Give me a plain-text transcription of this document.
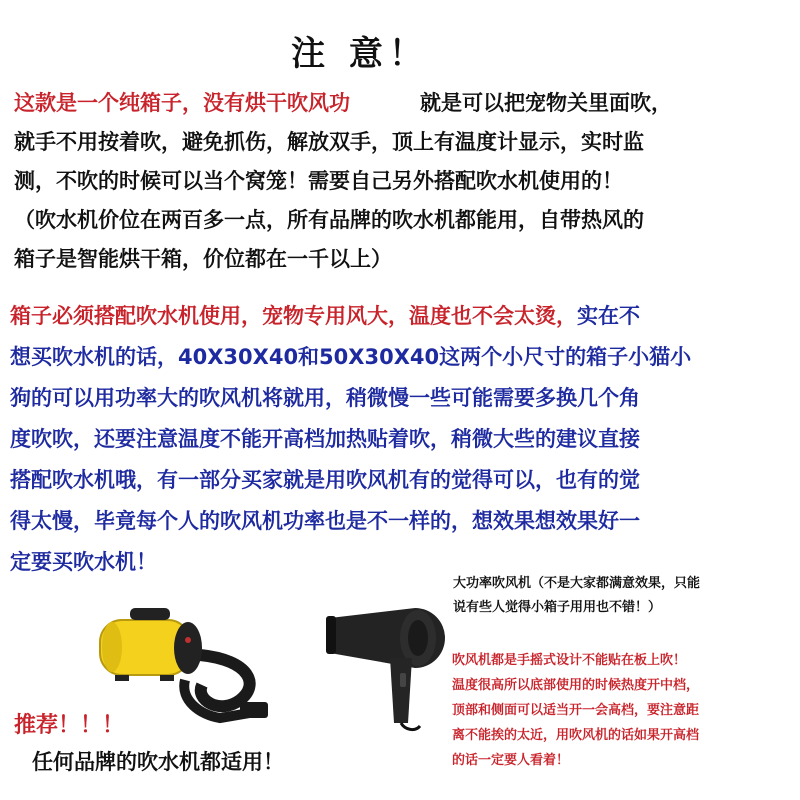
注 意！
这款是一个纯箱子，没有烘干吹风功	就是可以把宠物关里面吹，
就手不用按着吹，避免抓伤，解放双手，顶上有温度计显示，实时监
测，不吹的时候可以当个窝笼！需要自己另外搭配吹水机使用的！
（吹水机价位在两百多一点，所有品牌的吹水机都能用，自带热风的
箱子是智能烘干箱，价位都在一千以上）
箱子必须搭配吹水机使用，宠物专用风大，温度也不会太烫，实在不
想买吹水机的话，40X30X40和50X30X40这两个小尺寸的箱子小猫小
狗的可以用功率大的吹风机将就用，稍微慢一些可能需要多换几个角
度吹吹，还要注意温度不能开高档加热贴着吹，稍微大些的建议直接
搭配吹水机哦，有一部分买家就是用吹风机有的觉得可以，也有的觉
得太慢，毕竟每个人的吹风机功率也是不一样的，想效果想效果好一
定要买吹水机！
大功率吹风机（不是大家都满意效果，只能
说有些人觉得小箱子用用也不错！）
吹风机都是手摇式设计不能贴在板上吹！
温度很高所以底部使用的时候热度开中档，
顶部和侧面可以适当开一会高档，要注意距
离不能挨的太近，用吹风机的话如果开高档
的话一定要人看着！
推荐！！！
任何品牌的吹水机都适用！
